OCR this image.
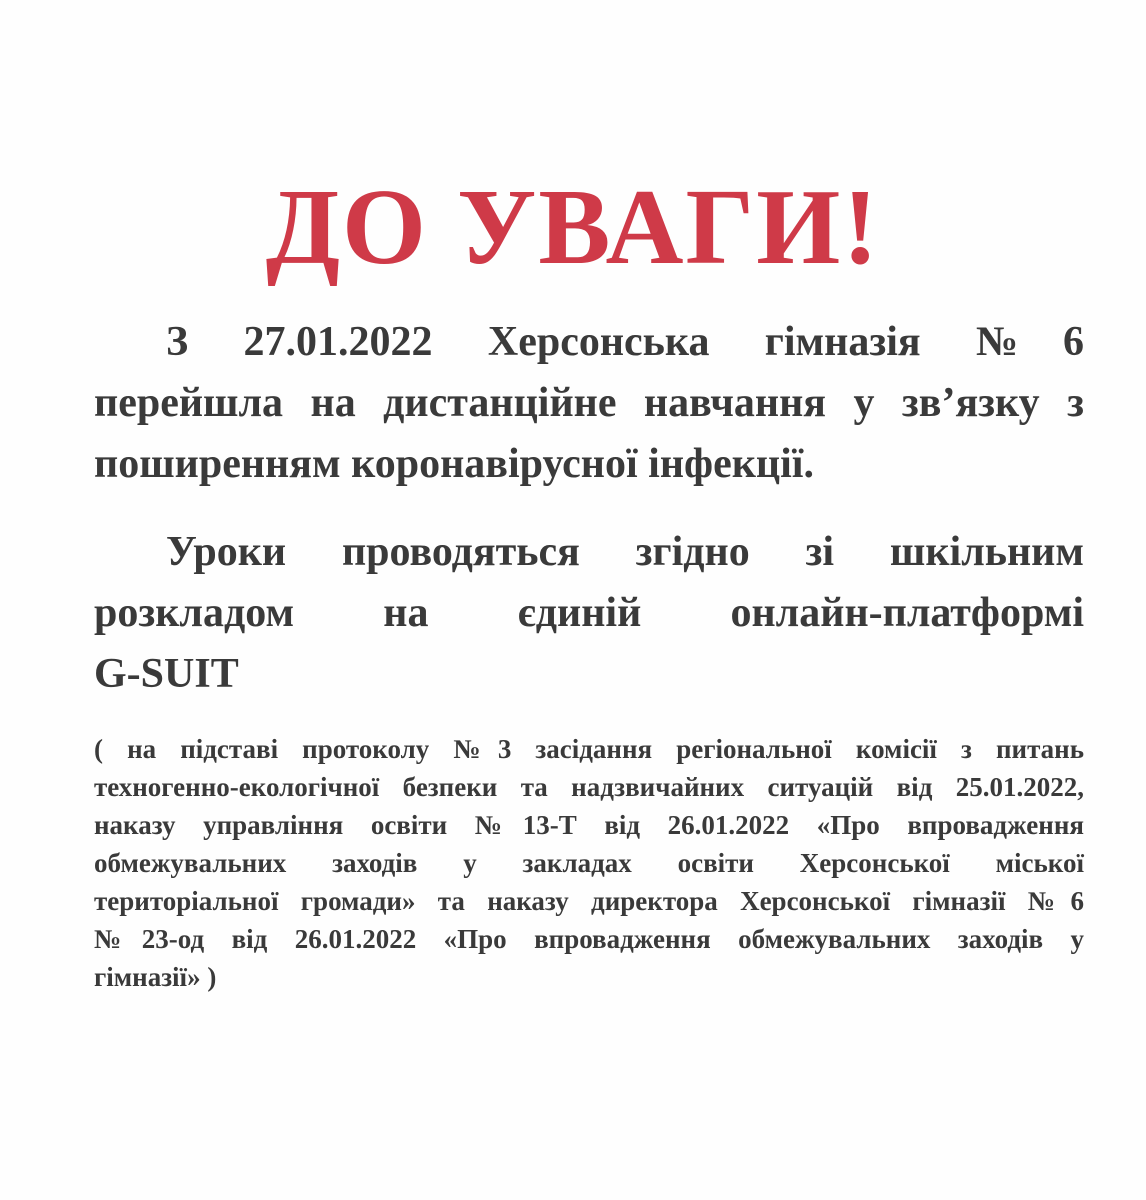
ДО УВАГИ!
З 27.01.2022 Херсонська гімназія №6
перейшла на дистанційне навчання у зв’язку з
поширенням коронавірусної інфекції.
Уроки проводяться згідно зі шкільним
розкладом на єдиній онлайн-платформі
G-SUIT
( на підставі протоколу №3 засідання регіональної комісії з питань
техногенно-екологічної безпеки та надзвичайних ситуацій від 25.01.2022,
наказу управління освіти №13-Т від 26.01.2022 «Про впровадження
обмежувальних заходів у закладах освіти Херсонської міської
територіальної громади» та наказу директора Херсонської гімназії №6
№23-од від 26.01.2022 «Про впровадження обмежувальних заходів у
гімназії» )
